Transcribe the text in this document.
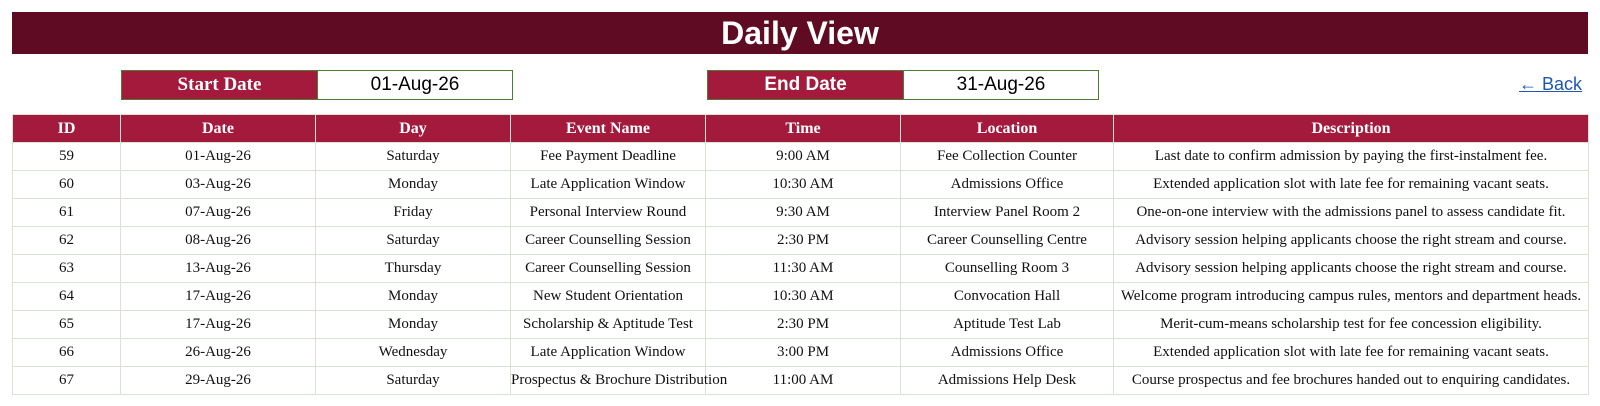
Daily View
Start Date	01-Aug-26	End Date	31-Aug-26	← Back
ID	Date	Day	Event Name	Time	Location	Description
59	01-Aug-26	Saturday	Fee Payment Deadline	9:00 AM	Fee Collection Counter	Last date to confirm admission by paying the first-instalment fee.
60	03-Aug-26	Monday	Late Application Window	10:30 AM	Admissions Office	Extended application slot with late fee for remaining vacant seats.
61	07-Aug-26	Friday	Personal Interview Round	9:30 AM	Interview Panel Room 2	One-on-one interview with the admissions panel to assess candidate fit.
62	08-Aug-26	Saturday	Career Counselling Session	2:30 PM	Career Counselling Centre	Advisory session helping applicants choose the right stream and course.
63	13-Aug-26	Thursday	Career Counselling Session	11:30 AM	Counselling Room 3	Advisory session helping applicants choose the right stream and course.
64	17-Aug-26	Monday	New Student Orientation	10:30 AM	Convocation Hall	Welcome program introducing campus rules, mentors and department heads.
65	17-Aug-26	Monday	Scholarship & Aptitude Test	2:30 PM	Aptitude Test Lab	Merit-cum-means scholarship test for fee concession eligibility.
66	26-Aug-26	Wednesday	Late Application Window	3:00 PM	Admissions Office	Extended application slot with late fee for remaining vacant seats.
67	29-Aug-26	Saturday	Prospectus & Brochure Distribution	11:00 AM	Admissions Help Desk	Course prospectus and fee brochures handed out to enquiring candidates.
